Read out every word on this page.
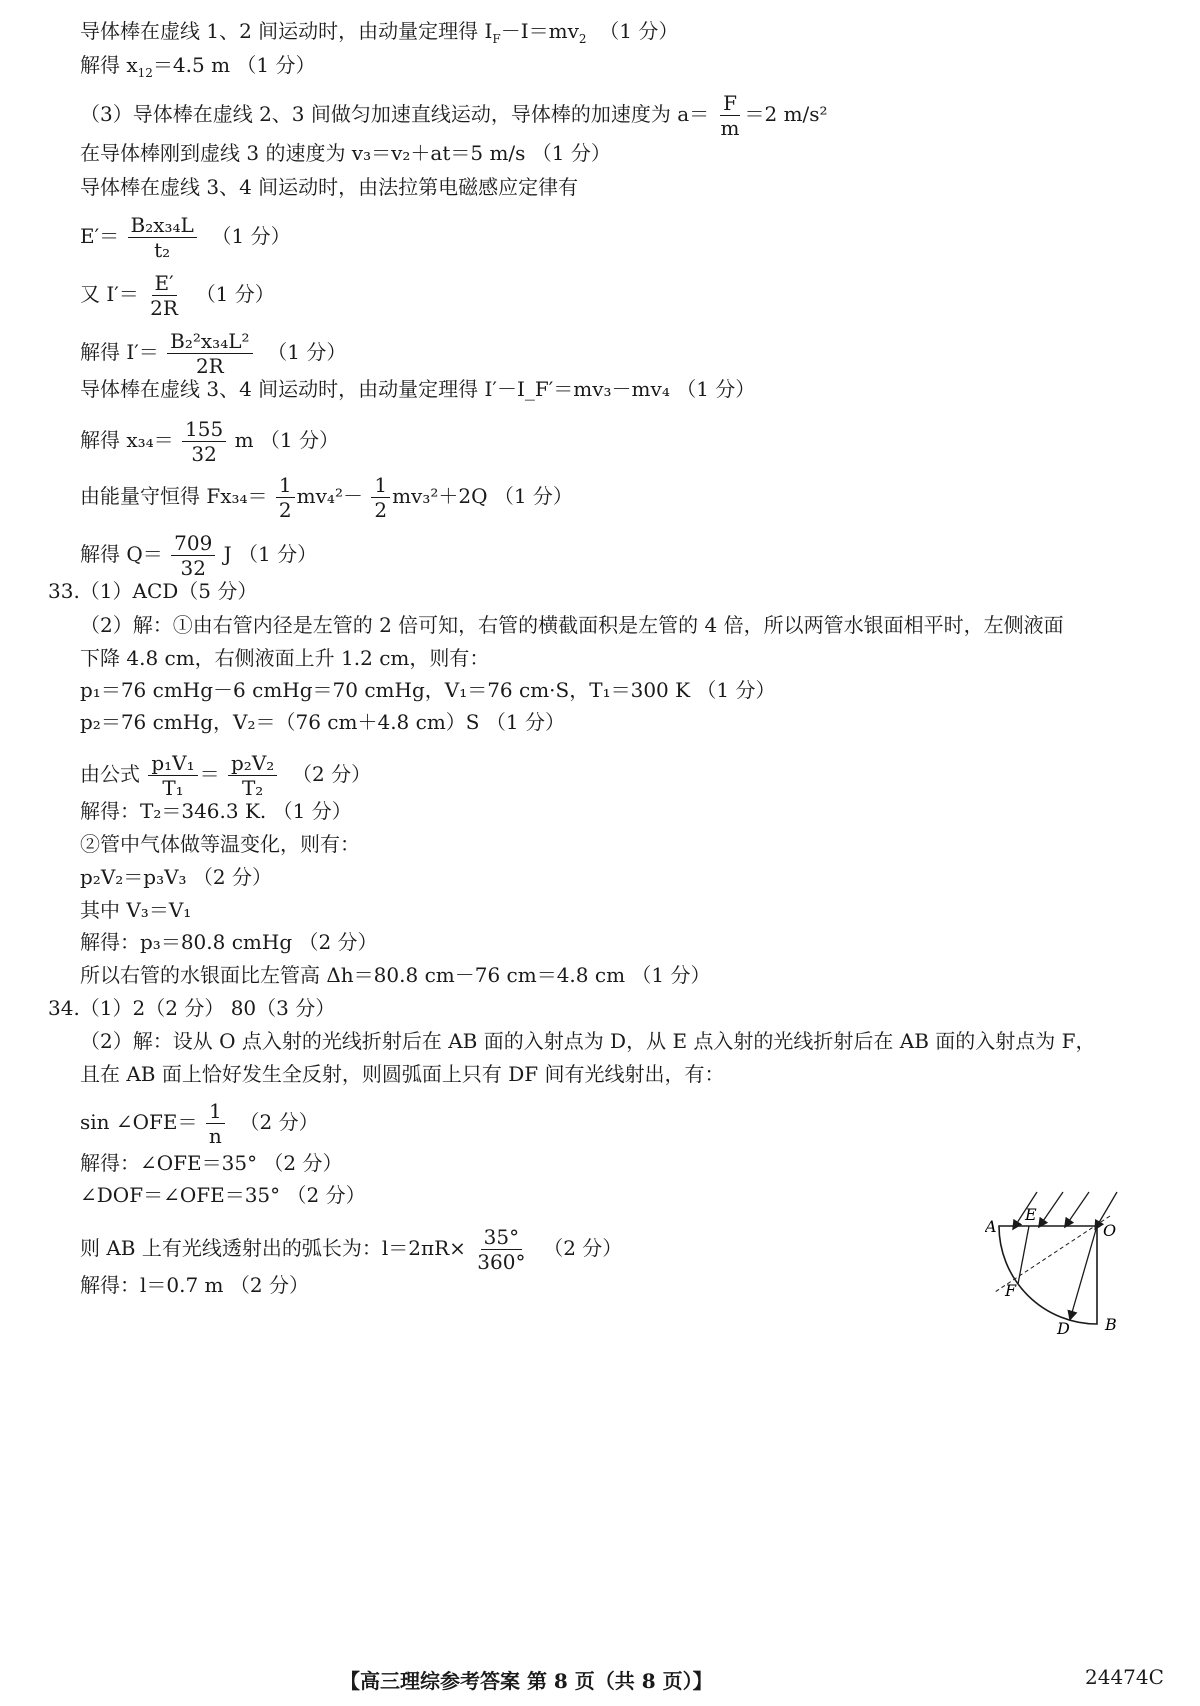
导体棒在虚线 1、2 间运动时，由动量定理得 $I_F-I=mv_2$ （1 分）
解得 $x_{12}=4.5$ m （1 分）
（3）导体棒在虚线 2、3 间做匀加速直线运动，导体棒的加速度为 $a= \frac{F}{m} =2$ m/s²
在导体棒刚到虚线 3 的速度为 v₃＝v₂＋at＝5 m/s （1 分）
导体棒在虚线 3、4 间运动时，由法拉第电磁感应定律有
$E'= \frac{\text{B₂x₃₄L}}{\text{t₂}} (1$ 分）
又 $I'= \frac{E'}{2R} (1$ 分）
解得 $I'= \frac{\text{B₂²x₃₄L²}}{2R} (1$ 分）
导体棒在虚线 3、4 间运动时，由动量定理得 I′－I_F′＝mv₃－mv₄ （1 分）
解得 $x_{34}= \frac{155}{32}$ m （1 分）
由能量守恒得 $Fx_{34}= \frac{1}{2} mv_4^2- \frac{1}{2} mv_3^2+2Q$ （1 分）
解得 $Q= \frac{709}{32}$ J （1 分）
33.（1）ACD（5 分）
（2）解：①由右管内径是左管的 2 倍可知，右管的横截面积是左管的 4 倍，所以两管水银面相平时，左侧液面
下降 4.8 cm，右侧液面上升 1.2 cm，则有：
p₁＝76 cmHg－6 cmHg＝70 cmHg，V₁＝76 cm·S，T₁＝300 K （1 分）
p₂＝76 cmHg，V₂＝（76 cm＋4.8 cm）S （1 分）
由公式 $\frac{\text{p₁V₁}}{\text{T₁}} = \frac{\text{p₂V₂}}{\text{T₂}} (2$ 分）
解得：T₂＝346.3 K. （1 分）
②管中气体做等温变化，则有：
p₂V₂＝p₃V₃ （2 分）
其中 V₃＝V₁
解得：p₃＝80.8 cmHg （2 分）
所以右管的水银面比左管高 Δh＝80.8 cm－76 cm＝4.8 cm （1 分）
34.（1）2（2 分） 80（3 分）
（2）解：设从 O 点入射的光线折射后在 AB 面的入射点为 D，从 E 点入射的光线折射后在 AB 面的入射点为 F，
且在 AB 面上恰好发生全反射，则圆弧面上只有 DF 间有光线射出，有：
sin ∠OFE＝ $\frac{1}{n} (2$ 分）
解得：∠OFE＝35° （2 分）
∠DOF＝∠OFE＝35° （2 分）
则 AB 上有光线透射出的弧长为：$l=2\pi R\times \frac{35^\circ}{360^\circ} (2$ 分）
解得：l＝0.7 m （2 分）
A
E
O
F
D B
【高三理综参考答案 第 8 页（共 8 页）】	24474C
